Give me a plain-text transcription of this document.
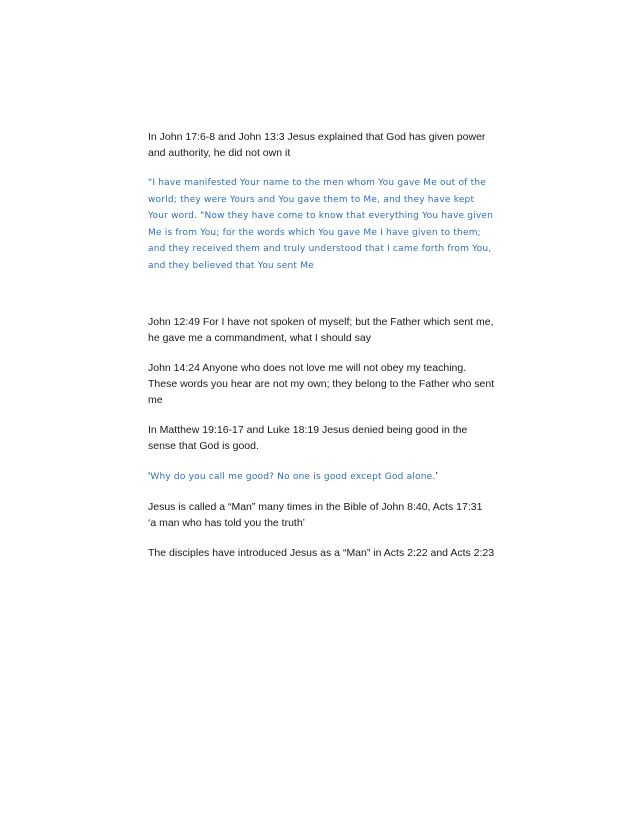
In John 17:6-8 and John 13:3 Jesus explained that God has given power and authority, he did not own it

"I have manifested Your name to the men whom You gave Me out of the world; they were Yours and You gave them to Me, and they have kept Your word. "Now they have come to know that everything You have given Me is from You; for the words which You gave Me I have given to them; and they received them and truly understood that I came forth from You, and they believed that You sent Me

John 12:49 For I have not spoken of myself; but the Father which sent me, he gave me a commandment, what I should say

John 14:24 Anyone who does not love me will not obey my teaching. These words you hear are not my own; they belong to the Father who sent me

In Matthew 19:16-17 and Luke 18:19 Jesus denied being good in the sense that God is good.

‘Why do you call me good? No one is good except God alone.’

Jesus is called a “Man” many times in the Bible of John 8:40, Acts 17:31
‘a man who has told you the truth’

The disciples have introduced Jesus as a “Man” in Acts 2:22 and Acts 2:23
